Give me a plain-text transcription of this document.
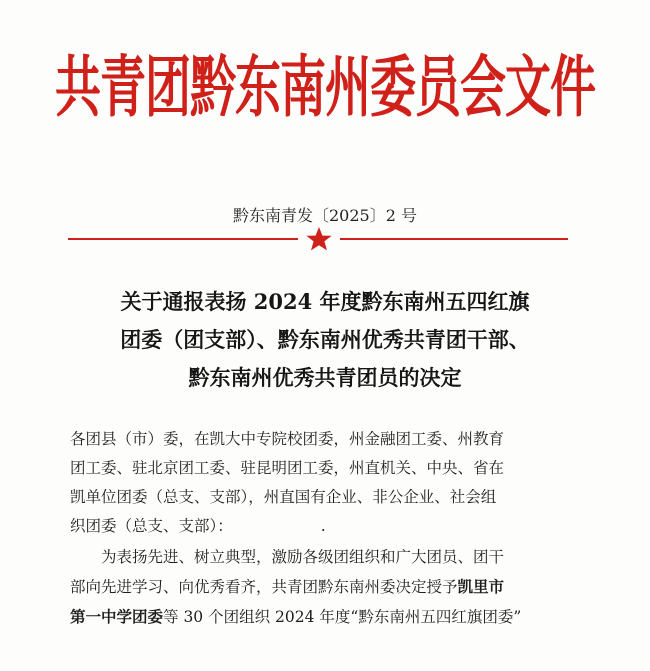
共青团黔东南州委员会文件
黔东南青发〔2025〕2 号
关于通报表扬 2024 年度黔东南州五四红旗
团委（团支部）、黔东南州优秀共青团干部、
黔东南州优秀共青团员的决定
各团县（市）委，在凯大中专院校团委，州金融团工委、州教育
团工委、驻北京团工委、驻昆明团工委，州直机关、中央、省在
凯单位团委（总支、支部），州直国有企业、非公企业、社会组
织团委（总支、支部）：	.
为表扬先进、树立典型，激励各级团组织和广大团员、团干
部向先进学习、向优秀看齐，共青团黔东南州委决定授予凯里市
第一中学团委等 30 个团组织 2024 年度“黔东南州五四红旗团委”
